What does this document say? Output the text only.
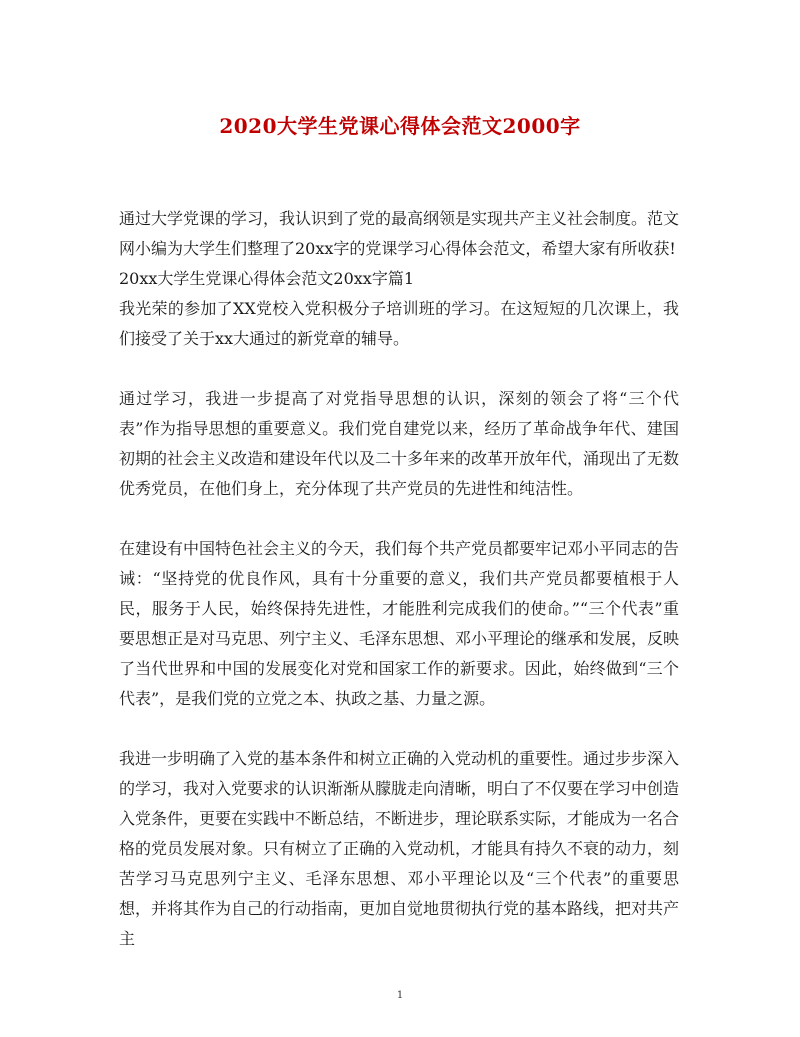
2020大学生党课心得体会范文2000字

通过大学党课的学习，我认识到了党的最高纲领是实现共产主义社会制度。范文网小编为大学生们整理了20xx字的党课学习心得体会范文，希望大家有所收获!

20xx大学生党课心得体会范文20xx字篇1

我光荣的参加了XX党校入党积极分子培训班的学习。在这短短的几次课上，我们接受了关于xx大通过的新党章的辅导。

通过学习，我进一步提高了对党指导思想的认识，深刻的领会了将“三个代表”作为指导思想的重要意义。我们党自建党以来，经历了革命战争年代、建国初期的社会主义改造和建设年代以及二十多年来的改革开放年代，涌现出了无数优秀党员，在他们身上，充分体现了共产党员的先进性和纯洁性。

在建设有中国特色社会主义的今天，我们每个共产党员都要牢记邓小平同志的告诫：“坚持党的优良作风，具有十分重要的意义，我们共产党员都要植根于人民，服务于人民，始终保持先进性，才能胜利完成我们的使命。”“三个代表”重要思想正是对马克思、列宁主义、毛泽东思想、邓小平理论的继承和发展，反映了当代世界和中国的发展变化对党和国家工作的新要求。因此，始终做到“三个代表”，是我们党的立党之本、执政之基、力量之源。

我进一步明确了入党的基本条件和树立正确的入党动机的重要性。通过步步深入的学习，我对入党要求的认识渐渐从朦胧走向清晰，明白了不仅要在学习中创造入党条件，更要在实践中不断总结，不断进步，理论联系实际，才能成为一名合格的党员发展对象。只有树立了正确的入党动机，才能具有持久不衰的动力，刻苦学习马克思列宁主义、毛泽东思想、邓小平理论以及“三个代表”的重要思想，并将其作为自己的行动指南，更加自觉地贯彻执行党的基本路线，把对共产主

1
